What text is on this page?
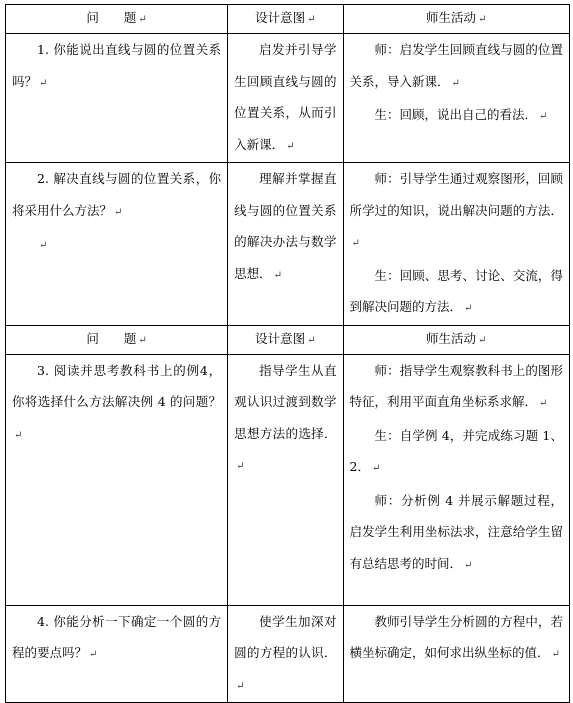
问　　题 ↵	设计意图 ↵	师生活动 ↵

1. 你能说出直线与圆的位置关系吗？ ↵	启发并引导学生回顾直线与圆的位置关系，从而引入新课． ↵	师：启发学生回顾直线与圆的位置关系，导入新课． ↵
生：回顾，说出自己的看法． ↵

2. 解决直线与圆的位置关系，你将采用什么方法？ ↵
↵	理解并掌握直线与圆的位置关系的解决办法与数学思想． ↵	师：引导学生通过观察图形，回顾所学过的知识，说出解决问题的方法．↵
生：回顾、思考、讨论、交流，得到解决问题的方法． ↵

问　　题 ↵	设计意图 ↵	师生活动 ↵

3. 阅读并思考教科书上的例4，你将选择什么方法解决例 4 的问题？↵	指导学生从直观认识过渡到数学思想方法的选择．↵	师：指导学生观察教科书上的图形特征，利用平面直角坐标系求解． ↵
生：自学例 4，并完成练习题 1、2． ↵
师：分析例 4 并展示解题过程，启发学生利用坐标法求，注意给学生留有总结思考的时间． ↵

4. 你能分析一下确定一个圆的方程的要点吗？ ↵	使学生加深对圆的方程的认识．↵	教师引导学生分析圆的方程中，若横坐标确定，如何求出纵坐标的值． ↵
